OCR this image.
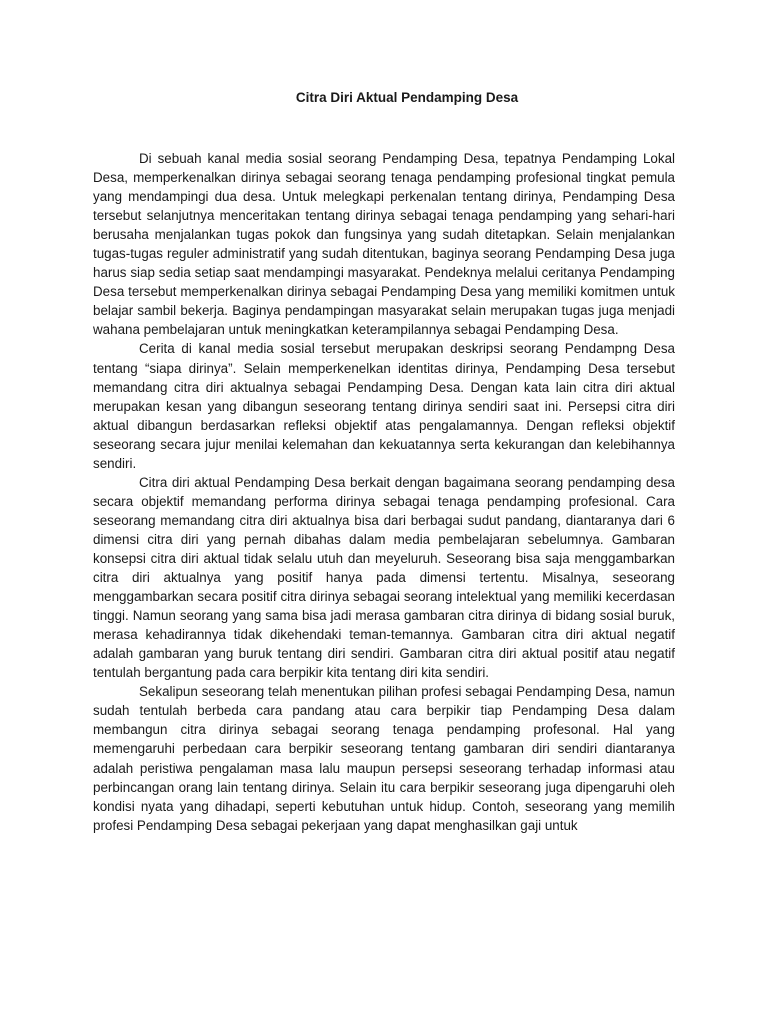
Citra Diri Aktual Pendamping Desa

Di sebuah kanal media sosial seorang Pendamping Desa, tepatnya Pendamping Lokal Desa, memperkenalkan dirinya sebagai seorang tenaga pendamping profesional tingkat pemula yang mendampingi dua desa. Untuk melegkapi perkenalan tentang dirinya, Pendamping Desa tersebut selanjutnya menceritakan tentang dirinya sebagai tenaga pendamping yang sehari-hari berusaha menjalankan tugas pokok dan fungsinya yang sudah ditetapkan. Selain menjalankan tugas-tugas reguler administratif yang sudah ditentukan, baginya seorang Pendamping Desa juga harus siap sedia setiap saat mendampingi masyarakat. Pendeknya melalui ceritanya Pendamping Desa tersebut memperkenalkan dirinya sebagai Pendamping Desa yang memiliki komitmen untuk belajar sambil bekerja. Baginya pendampingan masyarakat selain merupakan tugas juga menjadi wahana pembelajaran untuk meningkatkan keterampilannya sebagai Pendamping Desa.

Cerita di kanal media sosial tersebut merupakan deskripsi seorang Pendampng Desa tentang “siapa dirinya”. Selain memperkenelkan identitas dirinya, Pendamping Desa tersebut memandang citra diri aktualnya sebagai Pendamping Desa. Dengan kata lain citra diri aktual merupakan kesan yang dibangun seseorang tentang dirinya sendiri saat ini. Persepsi citra diri aktual dibangun berdasarkan refleksi objektif atas pengalamannya. Dengan refleksi objektif seseorang secara jujur menilai kelemahan dan kekuatannya serta kekurangan dan kelebihannya sendiri.

Citra diri aktual Pendamping Desa berkait dengan bagaimana seorang pendamping desa secara objektif memandang performa dirinya sebagai tenaga pendamping profesional. Cara seseorang memandang citra diri aktualnya bisa dari berbagai sudut pandang, diantaranya dari 6 dimensi citra diri yang pernah dibahas dalam media pembelajaran sebelumnya. Gambaran konsepsi citra diri aktual tidak selalu utuh dan meyeluruh. Seseorang bisa saja menggambarkan citra diri aktualnya yang positif hanya pada dimensi tertentu. Misalnya, seseorang menggambarkan secara positif citra dirinya sebagai seorang intelektual yang memiliki kecerdasan tinggi. Namun seorang yang sama bisa jadi merasa gambaran citra dirinya di bidang sosial buruk, merasa kehadirannya tidak dikehendaki teman-temannya. Gambaran citra diri aktual negatif adalah gambaran yang buruk tentang diri sendiri. Gambaran citra diri aktual positif atau negatif tentulah bergantung pada cara berpikir kita tentang diri kita sendiri.

Sekalipun seseorang telah menentukan pilihan profesi sebagai Pendamping Desa, namun sudah tentulah berbeda cara pandang atau cara berpikir tiap Pendamping Desa dalam membangun citra dirinya sebagai seorang tenaga pendamping profesonal. Hal yang memengaruhi perbedaan cara berpikir seseorang tentang gambaran diri sendiri diantaranya adalah peristiwa pengalaman masa lalu maupun persepsi seseorang terhadap informasi atau perbincangan orang lain tentang dirinya. Selain itu cara berpikir seseorang juga dipengaruhi oleh kondisi nyata yang dihadapi, seperti kebutuhan untuk hidup. Contoh, seseorang yang memilih profesi Pendamping Desa sebagai pekerjaan yang dapat menghasilkan gaji untuk
